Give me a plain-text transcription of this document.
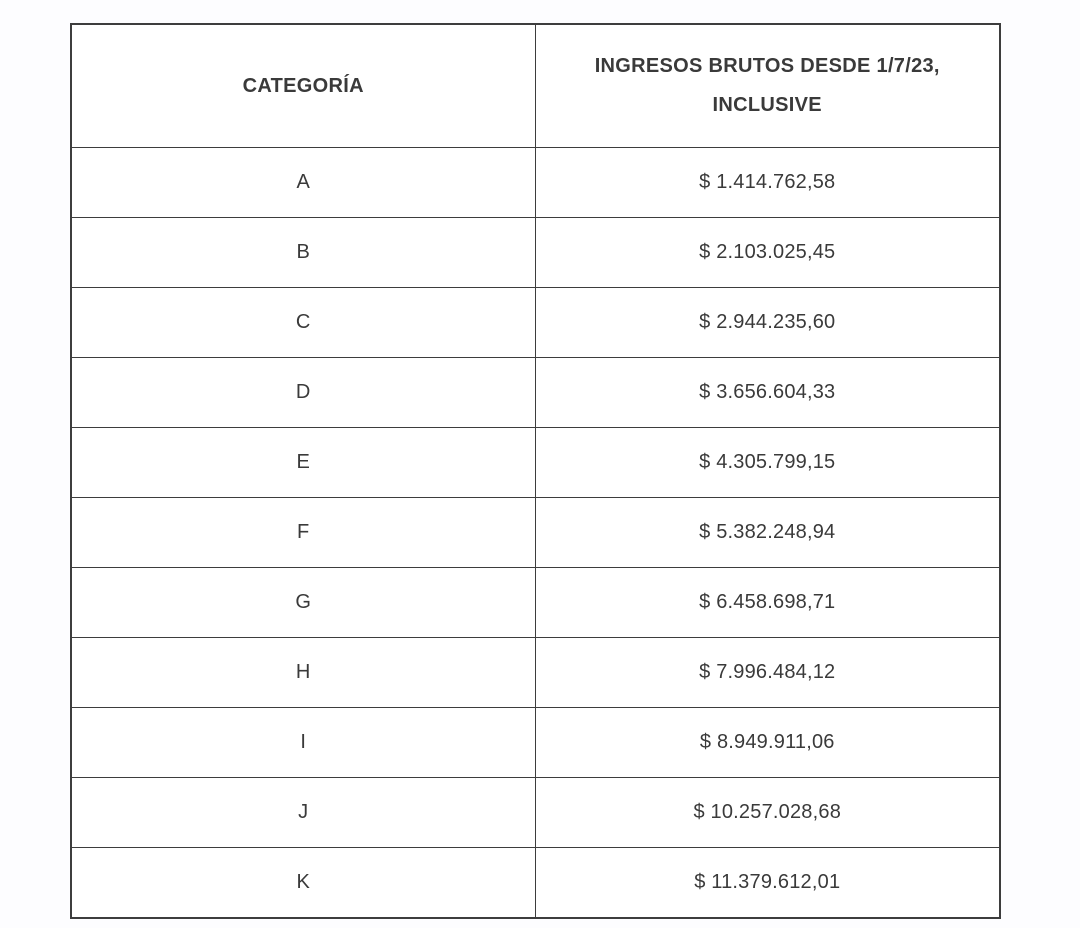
CATEGORÍA	INGRESOS BRUTOS DESDE 1/7/23,
INCLUSIVE
A	$ 1.414.762,58
B	$ 2.103.025,45
C	$ 2.944.235,60
D	$ 3.656.604,33
E	$ 4.305.799,15
F	$ 5.382.248,94
G	$ 6.458.698,71
H	$ 7.996.484,12
I	$ 8.949.911,06
J	$ 10.257.028,68
K	$ 11.379.612,01
